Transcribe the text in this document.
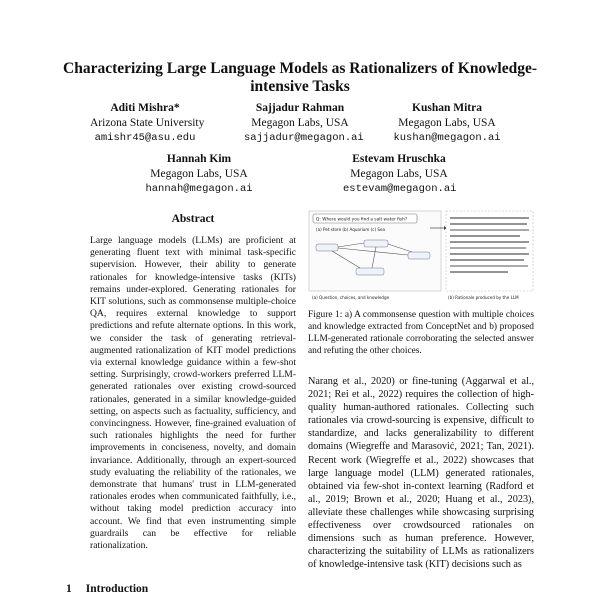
Characterizing Large Language Models as Rationalizers of Knowledge-intensive Tasks
Aditi Mishra*
Arizona State University
amishr45@asu.edu
Sajjadur Rahman
Megagon Labs, USA
sajjadur@megagon.ai
Kushan Mitra
Megagon Labs, USA
kushan@megagon.ai
Hannah Kim
Megagon Labs, USA
hannah@megagon.ai
Estevam Hruschka
Megagon Labs, USA
estevam@megagon.ai
Abstract
Large language models (LLMs) are proficient at generating fluent text with minimal task-specific supervision. However, their ability to generate rationales for knowledge-intensive tasks (KITs) remains under-explored. Generating rationales for KIT solutions, such as commonsense multiple-choice QA, requires external knowledge to support predictions and refute alternate options. In this work, we consider the task of generating retrieval-augmented rationalization of KIT model predictions via external knowledge guidance within a few-shot setting. Surprisingly, crowd-workers preferred LLM-generated rationales over existing crowd-sourced rationales, generated in a similar knowledge-guided setting, on aspects such as factuality, sufficiency, and convincingness. However, fine-grained evaluation of such rationales highlights the need for further improvements in conciseness, novelty, and domain invariance. Additionally, through an expert-sourced study evaluating the reliability of the rationales, we demonstrate that humans' trust in LLM-generated rationales erodes when communicated faithfully, i.e., without taking model prediction accuracy into account. We find that even instrumenting simple guardrails can be effective for reliable rationalization.
1 Introduction
Q: Where would you find a salt water fish?
(a) Pet store (b) Aquarium (c) Sea
(a) Question, choices, and knowledge	(b) Rationale produced by the LLM
Figure 1: a) A commonsense question with multiple choices and knowledge extracted from ConceptNet and b) proposed LLM-generated rationale corroborating the selected answer and refuting the other choices.
Narang et al., 2020) or fine-tuning (Aggarwal et al., 2021; Rei et al., 2022) requires the collection of high-quality human-authored rationales. Collecting such rationales via crowd-sourcing is expensive, difficult to standardize, and lacks generalizability to different domains (Wiegreffe and Marasović, 2021; Tan, 2021). Recent work (Wiegreffe et al., 2022) showcases that large language model (LLM) generated rationales, obtained via few-shot in-context learning (Radford et al., 2019; Brown et al., 2020; Huang et al., 2023), alleviate these challenges while showcasing surprising effectiveness over crowdsourced rationales on dimensions such as human preference. However, characterizing the suitability of LLMs as rationalizers of knowledge-intensive task (KIT) decisions such as
